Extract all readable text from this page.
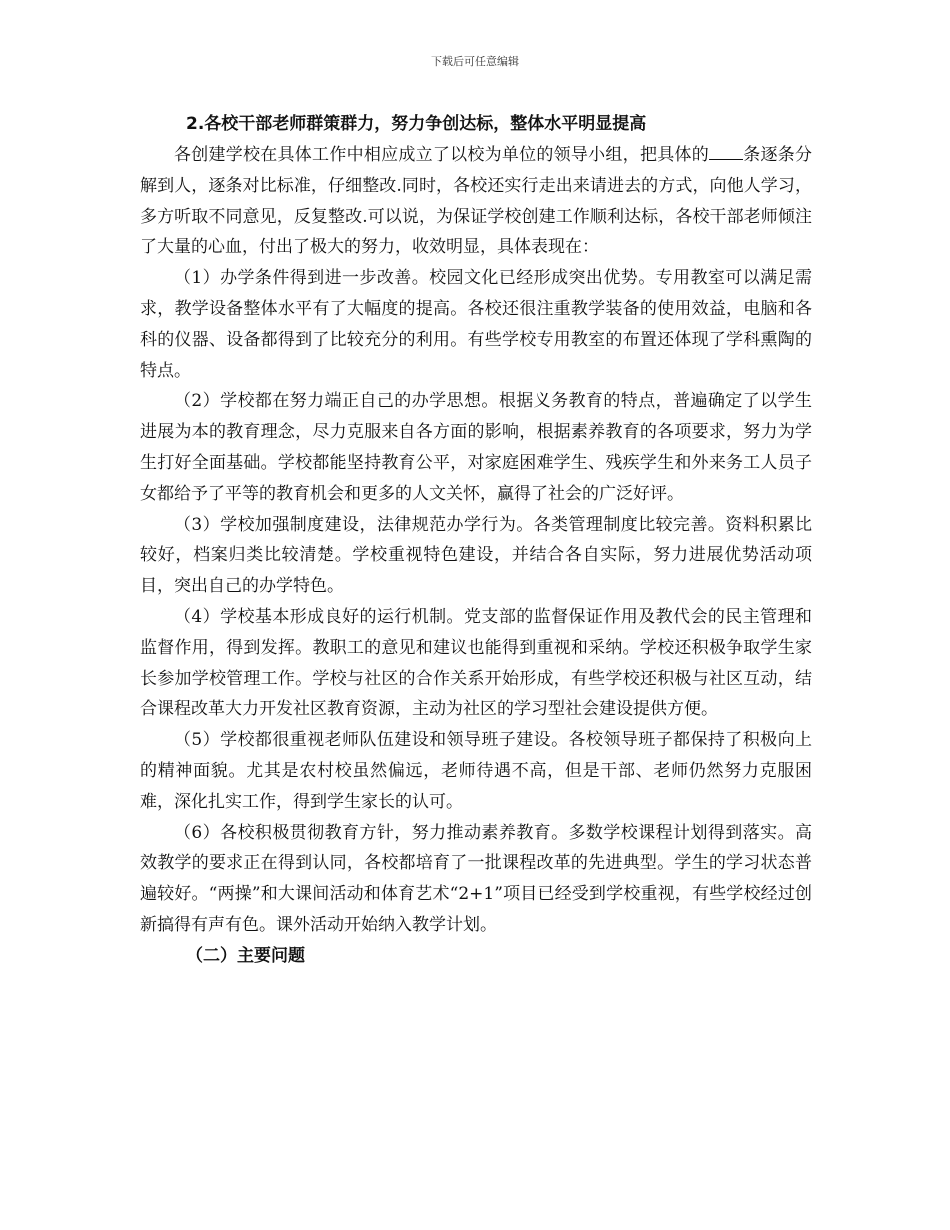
下载后可任意编辑
2.各校干部老师群策群力，努力争创达标，整体水平明显提高

各创建学校在具体工作中相应成立了以校为单位的领导小组，把具体的 条逐条分解到人，逐条对比标准，仔细整改.同时，各校还实行走出来请进去的方式，向他人学习，多方听取不同意见，反复整改.可以说，为保证学校创建工作顺利达标，各校干部老师倾注了大量的心血，付出了极大的努力，收效明显，具体表现在：

（1）办学条件得到进一步改善。校园文化已经形成突出优势。专用教室可以满足需求，教学设备整体水平有了大幅度的提高。各校还很注重教学装备的使用效益，电脑和各科的仪器、设备都得到了比较充分的利用。有些学校专用教室的布置还体现了学科熏陶的特点。

（2）学校都在努力端正自己的办学思想。根据义务教育的特点，普遍确定了以学生进展为本的教育理念，尽力克服来自各方面的影响，根据素养教育的各项要求，努力为学生打好全面基础。学校都能坚持教育公平，对家庭困难学生、残疾学生和外来务工人员子女都给予了平等的教育机会和更多的人文关怀，赢得了社会的广泛好评。

（3）学校加强制度建设，法律规范办学行为。各类管理制度比较完善。资料积累比较好，档案归类比较清楚。学校重视特色建设，并结合各自实际，努力进展优势活动项目，突出自己的办学特色。

（4）学校基本形成良好的运行机制。党支部的监督保证作用及教代会的民主管理和监督作用，得到发挥。教职工的意见和建议也能得到重视和采纳。学校还积极争取学生家长参加学校管理工作。学校与社区的合作关系开始形成，有些学校还积极与社区互动，结合课程改革大力开发社区教育资源，主动为社区的学习型社会建设提供方便。

（5）学校都很重视老师队伍建设和领导班子建设。各校领导班子都保持了积极向上的精神面貌。尤其是农村校虽然偏远，老师待遇不高，但是干部、老师仍然努力克服困难，深化扎实工作，得到学生家长的认可。

（6）各校积极贯彻教育方针，努力推动素养教育。多数学校课程计划得到落实。高效教学的要求正在得到认同，各校都培育了一批课程改革的先进典型。学生的学习状态普遍较好。“两操”和大课间活动和体育艺术“2+1”项目已经受到学校重视，有些学校经过创新搞得有声有色。课外活动开始纳入教学计划。

（二）主要问题
